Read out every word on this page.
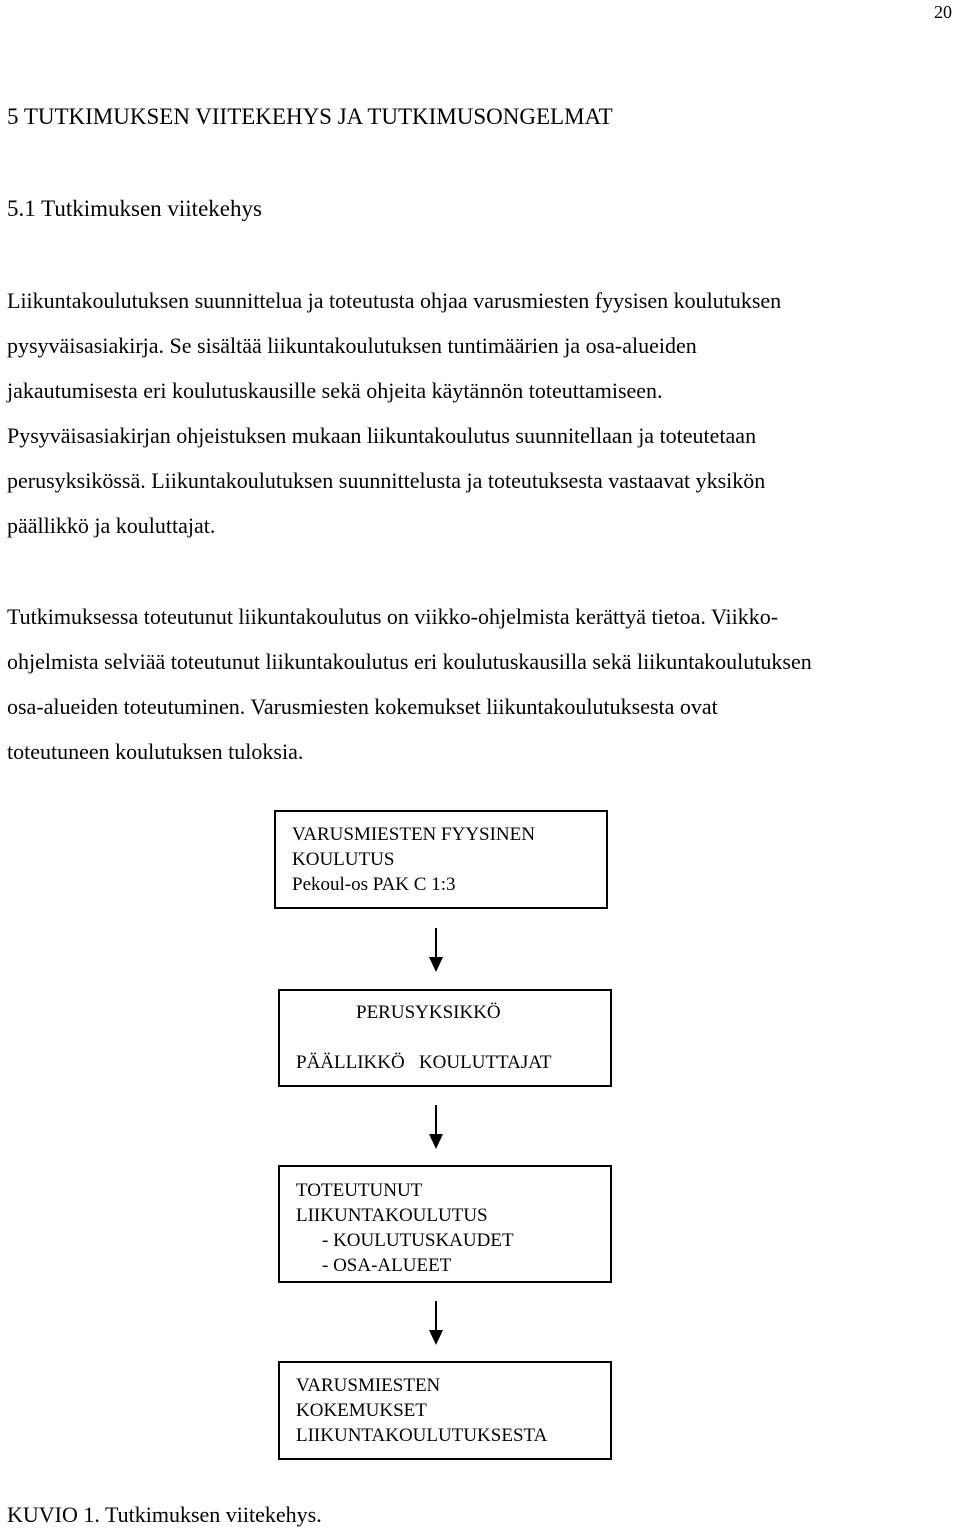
20
5 TUTKIMUKSEN VIITEKEHYS JA TUTKIMUSONGELMAT
5.1 Tutkimuksen viitekehys
Liikuntakoulutuksen suunnittelua ja toteutusta ohjaa varusmiesten fyysisen koulutuksen
pysyväisasiakirja. Se sisältää liikuntakoulutuksen tuntimäärien ja osa-alueiden
jakautumisesta eri koulutuskausille sekä ohjeita käytännön toteuttamiseen.
Pysyväisasiakirjan ohjeistuksen mukaan liikuntakoulutus suunnitellaan ja toteutetaan
perusyksikössä. Liikuntakoulutuksen suunnittelusta ja toteutuksesta vastaavat yksikön
päällikkö ja kouluttajat.
Tutkimuksessa toteutunut liikuntakoulutus on viikko-ohjelmista kerättyä tietoa. Viikko-
ohjelmista selviää toteutunut liikuntakoulutus eri koulutuskausilla sekä liikuntakoulutuksen
osa-alueiden toteutuminen. Varusmiesten kokemukset liikuntakoulutuksesta ovat
toteutuneen koulutuksen tuloksia.
VARUSMIESTEN FYYSINEN
KOULUTUS
Pekoul-os PAK C 1:3
PERUSYKSIKKÖ
PÄÄLLIKKÖ   KOULUTTAJAT
TOTEUTUNUT
LIIKUNTAKOULUTUS
- KOULUTUSKAUDET
- OSA-ALUEET
VARUSMIESTEN
KOKEMUKSET
LIIKUNTAKOULUTUKSESTA
KUVIO 1. Tutkimuksen viitekehys.
